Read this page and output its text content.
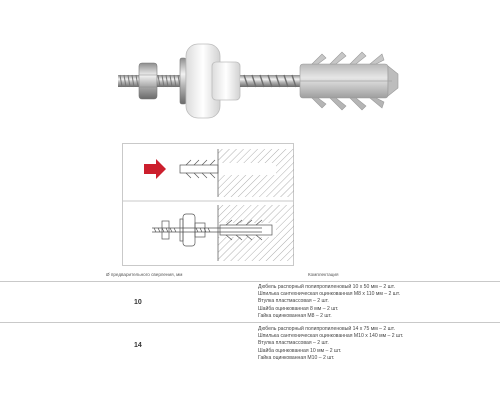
Ø предварительного сверления, мм	Комплектация
10
Дюбель распорный полипропиленовый 10 х 50 мм – 2 шт.
Шпилька сантехническая оцинкованная М8 х 110 мм – 2 шт.
Втулка пластмассовая – 2 шт.
Шайба оцинкованная 8 мм – 2 шт.
Гайка оцинкованная М8 – 2 шт.
14
Дюбель распорный полипропиленовый 14 х 75 мм – 2 шт.
Шпилька сантехническая оцинкованная М10 х 140 мм – 2 шт.
Втулка пластмассовая – 2 шт.
Шайба оцинкованная 10 мм – 2 шт.
Гайка оцинкованная М10 – 2 шт.
